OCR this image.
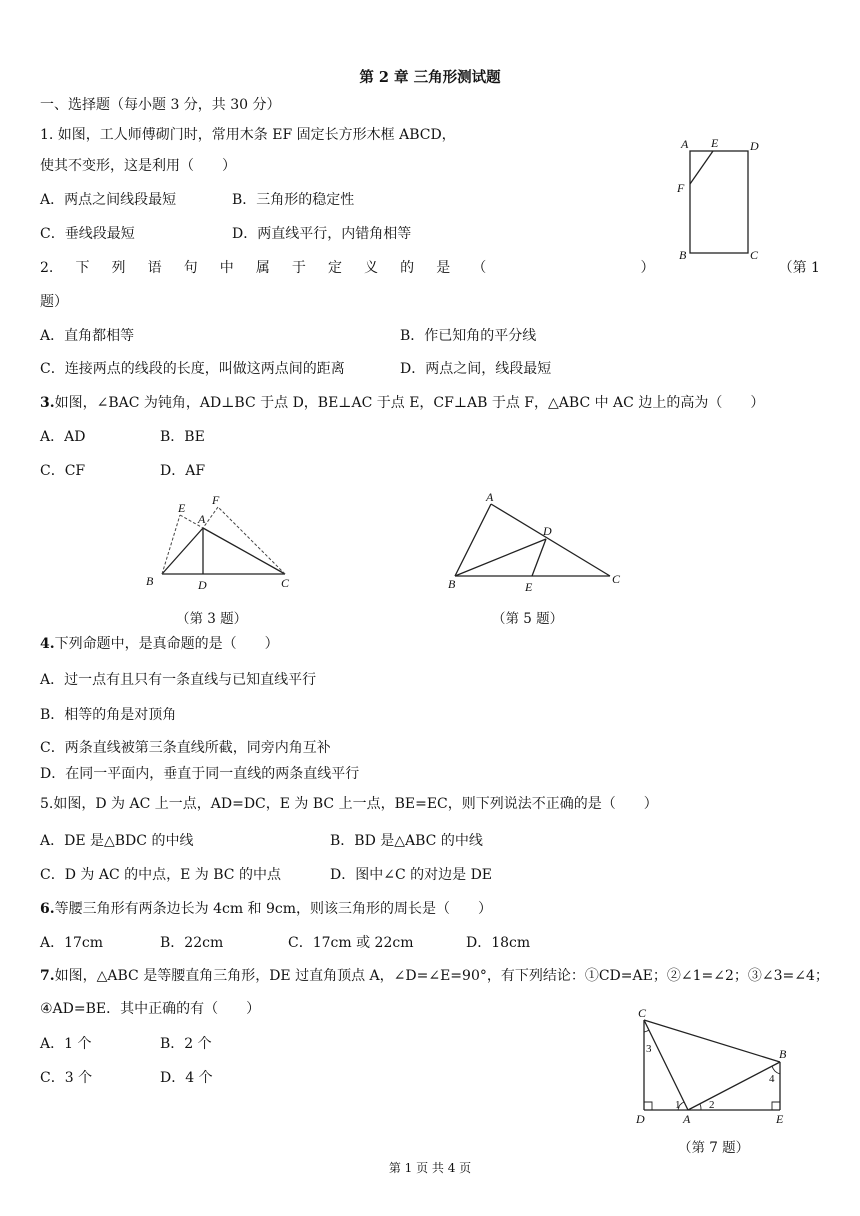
第 2 章 三角形测试题
一、选择题（每小题 3 分，共 30 分）
1. 如图，工人师傅砌门时，常用木条 EF 固定长方形木框 ABCD，
使其不变形，这是利用（　　）
A．两点之间线段最短	B．三角形的稳定性
C．垂线段最短	D．两直线平行，内错角相等
A E	D
F
B	C
2. 下 列 语 句 中 属 于 定 义 的 是 （	）	（第 1
题）
A．直角都相等	B．作已知角的平分线
C．连接两点的线段的长度，叫做这两点间的距离	D．两点之间，线段最短
3.如图，∠BAC 为钝角，AD⊥BC 于点 D，BE⊥AC 于点 E，CF⊥AB 于点 F，△ABC 中 AC 边上的高为（　　）
A．AD	B．BE
C．CF	D．AF
E
A
F
B	D	C
（第 3 题）
A
D
B	E
C
（第 5 题）
4.下列命题中，是真命题的是（　　）
A．过一点有且只有一条直线与已知直线平行
B．相等的角是对顶角
C．两条直线被第三条直线所截，同旁内角互补
D．在同一平面内，垂直于同一直线的两条直线平行
5.如图，D 为 AC 上一点，AD=DC，E 为 BC 上一点，BE=EC，则下列说法不正确的是（　　）
A．DE 是△BDC 的中线	B．BD 是△ABC 的中线
C．D 为 AC 的中点，E 为 BC 的中点	D．图中∠C 的对边是 DE
6.等腰三角形有两条边长为 4cm 和 9cm，则该三角形的周长是（　　）
A．17cm	B．22cm	C．17cm 或 22cm	D．18cm
7.如图，△ABC 是等腰直角三角形，DE 过直角顶点 A，∠D=∠E=90°，有下列结论：①CD=AE；②∠1=∠2；③∠3=∠4；
④AD=BE．其中正确的有（　　）
A．1 个	B．2 个
C．3 个	D．4 个
C
B
D	A	E
1	2
3
4
（第 7 题）
第 1 页 共 4 页
